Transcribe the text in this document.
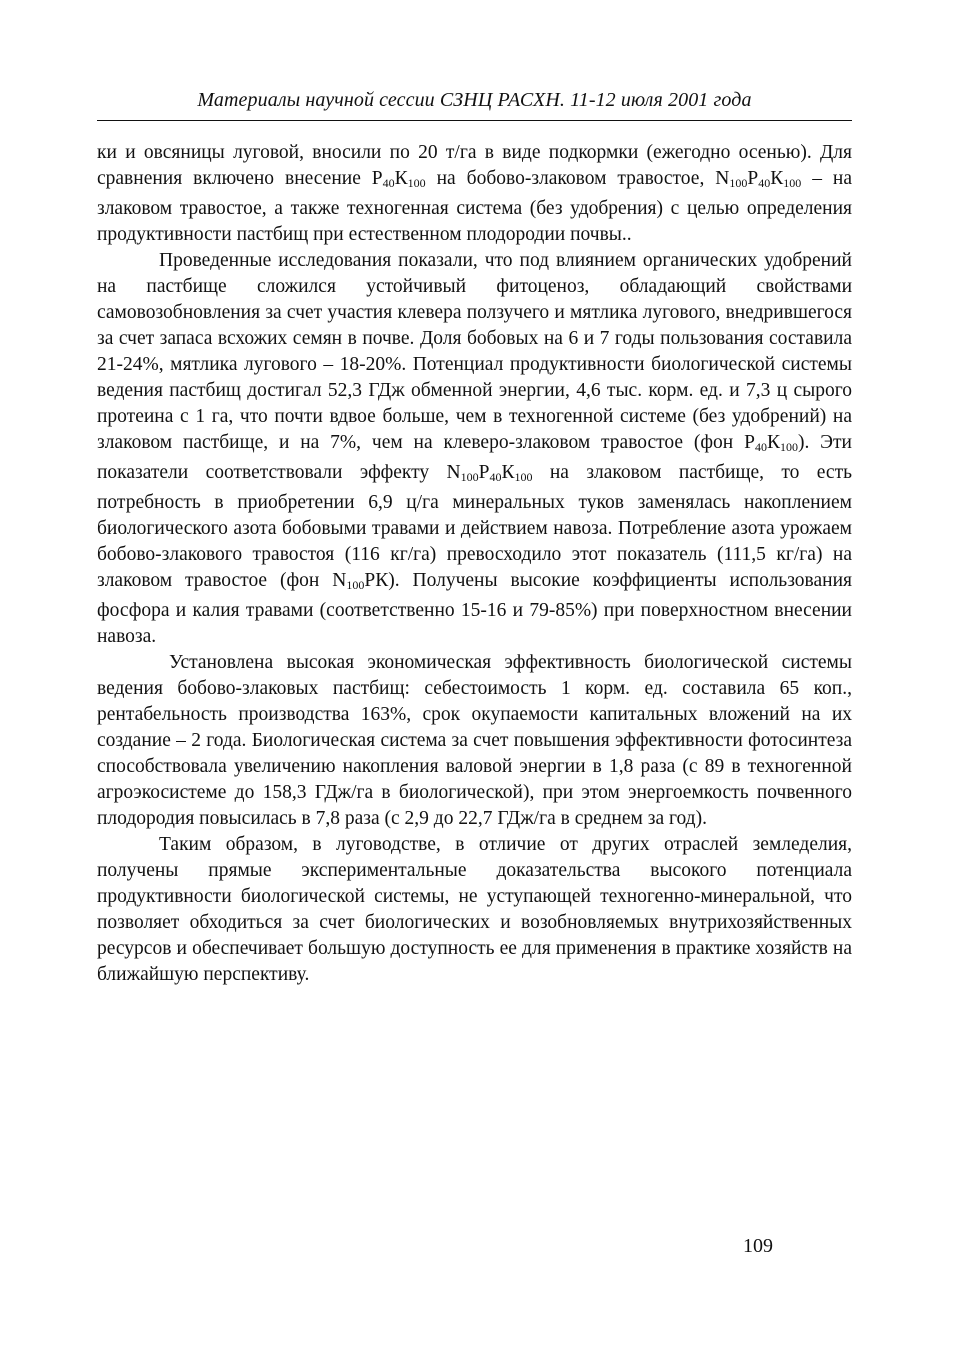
Материалы научной сессии СЗНЦ РАСХН. 11-12 июля 2001 года

ки и овсяницы луговой, вносили по 20 т/га в виде подкормки (ежегодно осенью). Для сравнения включено внесение $Р_{40}К_{100}$ на бобово-злаковом травостое, $N_{100}Р_{40}К_{100}$ – на злаковом травостое, а также техногенная система (без удобрения) с целью определения продуктивности пастбищ при естественном плодородии почвы..

Проведенные исследования показали, что под влиянием органических удобрений на пастбище сложился устойчивый фитоценоз, обладающий свойствами самовозобновления за счет участия клевера ползучего и мятлика лугового, внедрившегося за счет запаса всхожих семян в почве. Доля бобовых на 6 и 7 годы пользования составила 21-24%, мятлика лугового – 18-20%. Потенциал продуктивности биологической системы ведения пастбищ достигал 52,3 ГДж обменной энергии, 4,6 тыс. корм. ед. и 7,3 ц сырого протеина с 1 га, что почти вдвое больше, чем в техногенной системе (без удобрений) на злаковом пастбище, и на 7%, чем на клеверо-злаковом травостое (фон $Р_{40}К_{100}$). Эти показатели соответствовали эффекту $N_{100}Р_{40}К_{100}$ на злаковом пастбище, то есть потребность в приобретении 6,9 ц/га минеральных туков заменялась накоплением биологического азота бобовыми травами и действием навоза. Потребление азота урожаем бобово-злакового травостоя (116 кг/га) превосходило этот показатель (111,5 кг/га) на злаковом травостое (фон $N_{100}РК$). Получены высокие коэффициенты использования фосфора и калия травами (соответственно 15-16 и 79-85%) при поверхностном внесении навоза.

Установлена высокая экономическая эффективность биологической системы ведения бобово-злаковых пастбищ: себестоимость 1 корм. ед. составила 65 коп., рентабельность производства 163%, срок окупаемости капитальных вложений на их создание – 2 года. Биологическая система за счет повышения эффективности фотосинтеза способствовала увеличению накопления валовой энергии в 1,8 раза (с 89 в техногенной агроэкосистеме до 158,3 ГДж/га в биологической), при этом энергоемкость почвенного плодородия повысилась в 7,8 раза (с 2,9 до 22,7 ГДж/га в среднем за год).

Таким образом, в луговодстве, в отличие от других отраслей земледелия, получены прямые экспериментальные доказательства высокого потенциала продуктивности биологической системы, не уступающей техногенно-минеральной, что позволяет обходиться за счет биологических и возобновляемых внутрихозяйственных ресурсов и обеспечивает большую доступность ее для применения в практике хозяйств на ближайшую перспективу.

109
